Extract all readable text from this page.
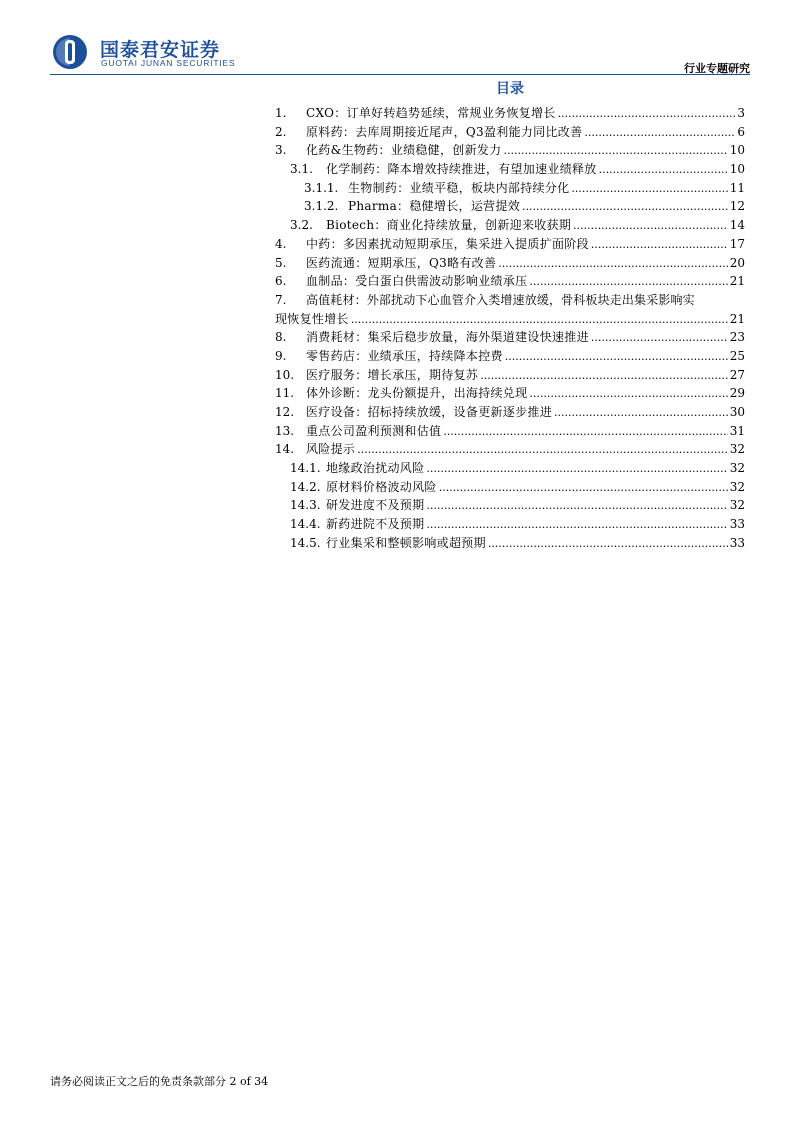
国泰君安证券
GUOTAI JUNAN SECURITIES	行业专题研究
目录
1.	CXO：订单好转趋势延续，常规业务恢复增长 .....	3
2.	原料药：去库周期接近尾声，Q3盈利能力同比改善 .....	6
3.	化药&生物药：业绩稳健，创新发力 .....	10
3.1.	化学制药：降本增效持续推进，有望加速业绩释放 .....	10
3.1.1. 生物制药：业绩平稳，板块内部持续分化 .....	11
3.1.2. Pharma：稳健增长，运营提效 .....	12
3.2.	Biotech：商业化持续放量，创新迎来收获期 .....	14
4.	中药：多因素扰动短期承压，集采进入提质扩面阶段 .....	17
5.	医药流通：短期承压，Q3略有改善 .....	20
6.	血制品：受白蛋白供需波动影响业绩承压 .....	21
7.	高值耗材：外部扰动下心血管介入类增速放缓，骨科板块走出集采影响实
现恢复性增长 .....	21
8.	消费耗材：集采后稳步放量，海外渠道建设快速推进 .....	23
9.	零售药店：业绩承压，持续降本控费 .....	25
10. 医疗服务：增长承压，期待复苏 .....	27
11. 体外诊断：龙头份额提升，出海持续兑现 .....	29
12. 医疗设备：招标持续放缓，设备更新逐步推进 .....	30
13. 重点公司盈利预测和估值 .....	31
14. 风险提示 .....	32
14.1. 地缘政治扰动风险 .....	32
14.2. 原材料价格波动风险 .....	32
14.3. 研发进度不及预期 .....	32
14.4. 新药进院不及预期 .....	33
14.5. 行业集采和整顿影响或超预期 .....	33
请务必阅读正文之后的免责条款部分 2 of 34
